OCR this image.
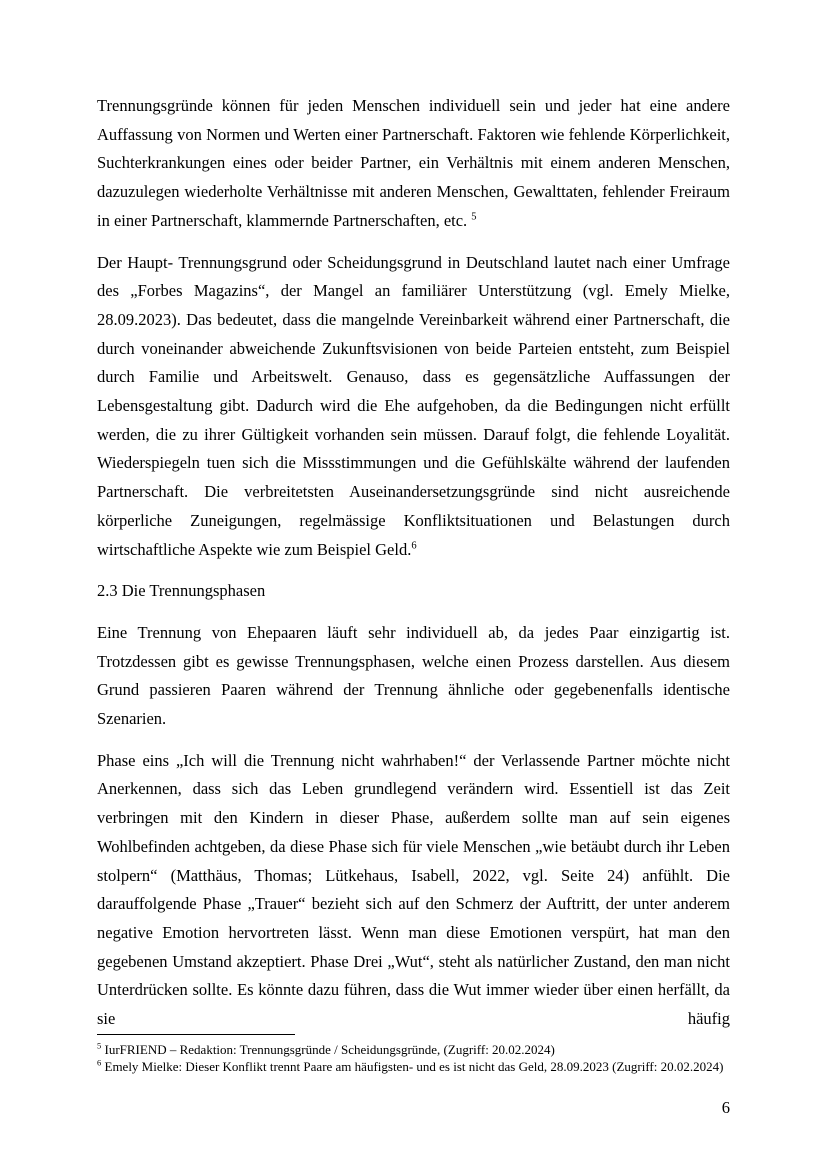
Trennungsgründe können für jeden Menschen individuell sein und jeder hat eine andere Auffassung von Normen und Werten einer Partnerschaft. Faktoren wie fehlende Körperlichkeit, Suchterkrankungen eines oder beider Partner, ein Verhältnis mit einem anderen Menschen, dazuzulegen wiederholte Verhältnisse mit anderen Menschen, Gewalttaten, fehlender Freiraum in einer Partnerschaft, klammernde Partnerschaften, etc. $^5$

Der Haupt- Trennungsgrund oder Scheidungsgrund in Deutschland lautet nach einer Umfrage des „Forbes Magazins“, der Mangel an familiärer Unterstützung (vgl. Emely Mielke, 28.09.2023). Das bedeutet, dass die mangelnde Vereinbarkeit während einer Partnerschaft, die durch voneinander abweichende Zukunftsvisionen von beide Parteien entsteht, zum Beispiel durch Familie und Arbeitswelt. Genauso, dass es gegensätzliche Auffassungen der Lebensgestaltung gibt. Dadurch wird die Ehe aufgehoben, da die Bedingungen nicht erfüllt werden, die zu ihrer Gültigkeit vorhanden sein müssen. Darauf folgt, die fehlende Loyalität. Wiederspiegeln tuen sich die Missstimmungen und die Gefühlskälte während der laufenden Partnerschaft. Die verbreitetsten Auseinandersetzungsgründe sind nicht ausreichende körperliche Zuneigungen, regelmässige Konfliktsituationen und Belastungen durch wirtschaftliche Aspekte wie zum Beispiel Geld.$^6$

2.3 Die Trennungsphasen

Eine Trennung von Ehepaaren läuft sehr individuell ab, da jedes Paar einzigartig ist. Trotzdessen gibt es gewisse Trennungsphasen, welche einen Prozess darstellen. Aus diesem Grund passieren Paaren während der Trennung ähnliche oder gegebenenfalls identische Szenarien.

Phase eins „Ich will die Trennung nicht wahrhaben!“ der Verlassende Partner möchte nicht Anerkennen, dass sich das Leben grundlegend verändern wird. Essentiell ist das Zeit verbringen mit den Kindern in dieser Phase, außerdem sollte man auf sein eigenes Wohlbefinden achtgeben, da diese Phase sich für viele Menschen „wie betäubt durch ihr Leben stolpern“ (Matthäus, Thomas; Lütkehaus, Isabell, 2022, vgl. Seite 24) anfühlt. Die darauffolgende Phase „Trauer“ bezieht sich auf den Schmerz der Auftritt, der unter anderem negative Emotion hervortreten lässt. Wenn man diese Emotionen verspürt, hat man den gegebenen Umstand akzeptiert. Phase Drei „Wut“, steht als natürlicher Zustand, den man nicht Unterdrücken sollte. Es könnte dazu führen, dass die Wut immer wieder über einen herfällt, da sie häufig

$^5$ IurFRIEND – Redaktion: Trennungsgründe / Scheidungsgründe, (Zugriff: 20.02.2024)
$^6$ Emely Mielke: Dieser Konflikt trennt Paare am häufigsten- und es ist nicht das Geld, 28.09.2023 (Zugriff: 20.02.2024)
6
